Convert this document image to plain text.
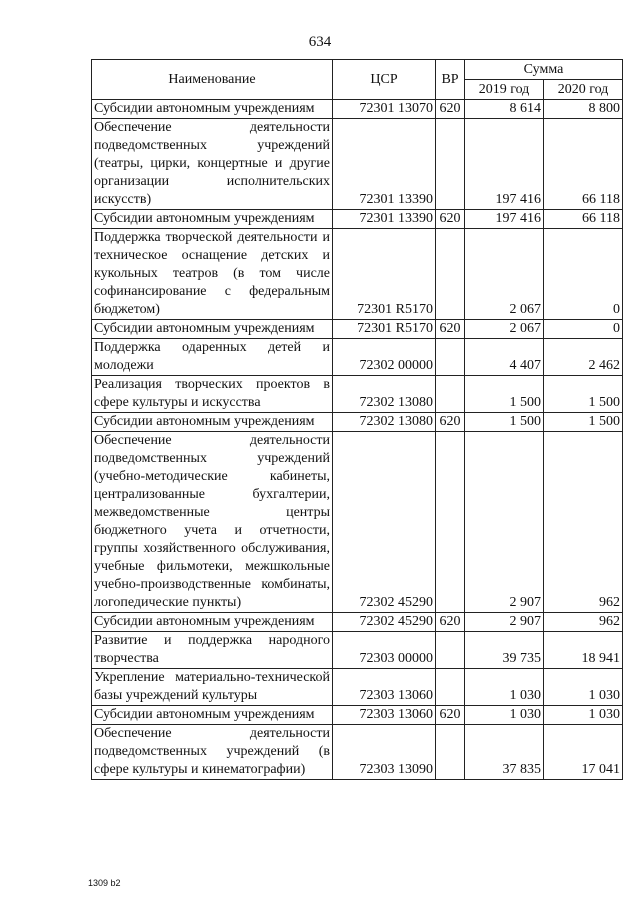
634
Наименование	ЦСР	ВР	Сумма	
			2019 год	2020 год
Субсидии автономным учреждениям	72301 13070	620	8 614	8 800
Обеспечение деятельности подведомственных учреждений (театры, цирки, концертные и другие организации исполнительских искусств)	72301 13390		197 416	66 118
Субсидии автономным учреждениям	72301 13390	620	197 416	66 118
Поддержка творческой деятельности и техническое оснащение детских и кукольных театров (в том числе софинансирование с федеральным бюджетом)	72301 R5170		2 067	0
Субсидии автономным учреждениям	72301 R5170	620	2 067	0
Поддержка одаренных детей и молодежи	72302 00000		4 407	2 462
Реализация творческих проектов в сфере культуры и искусства	72302 13080		1 500	1 500
Субсидии автономным учреждениям	72302 13080	620	1 500	1 500
Обеспечение деятельности подведомственных учреждений (учебно-методические кабинеты, централизованные бухгалтерии, межведомственные центры бюджетного учета и отчетности, группы хозяйственного обслуживания, учебные фильмотеки, межшкольные учебно-производственные комбинаты, логопедические пункты)	72302 45290		2 907	962
Субсидии автономным учреждениям	72302 45290	620	2 907	962
Развитие и поддержка народного творчества	72303 00000		39 735	18 941
Укрепление материально-технической базы учреждений культуры	72303 13060		1 030	1 030
Субсидии автономным учреждениям	72303 13060	620	1 030	1 030
Обеспечение деятельности подведомственных учреждений (в сфере культуры и кинематографии)	72303 13090		37 835	17 041
1309 b2
